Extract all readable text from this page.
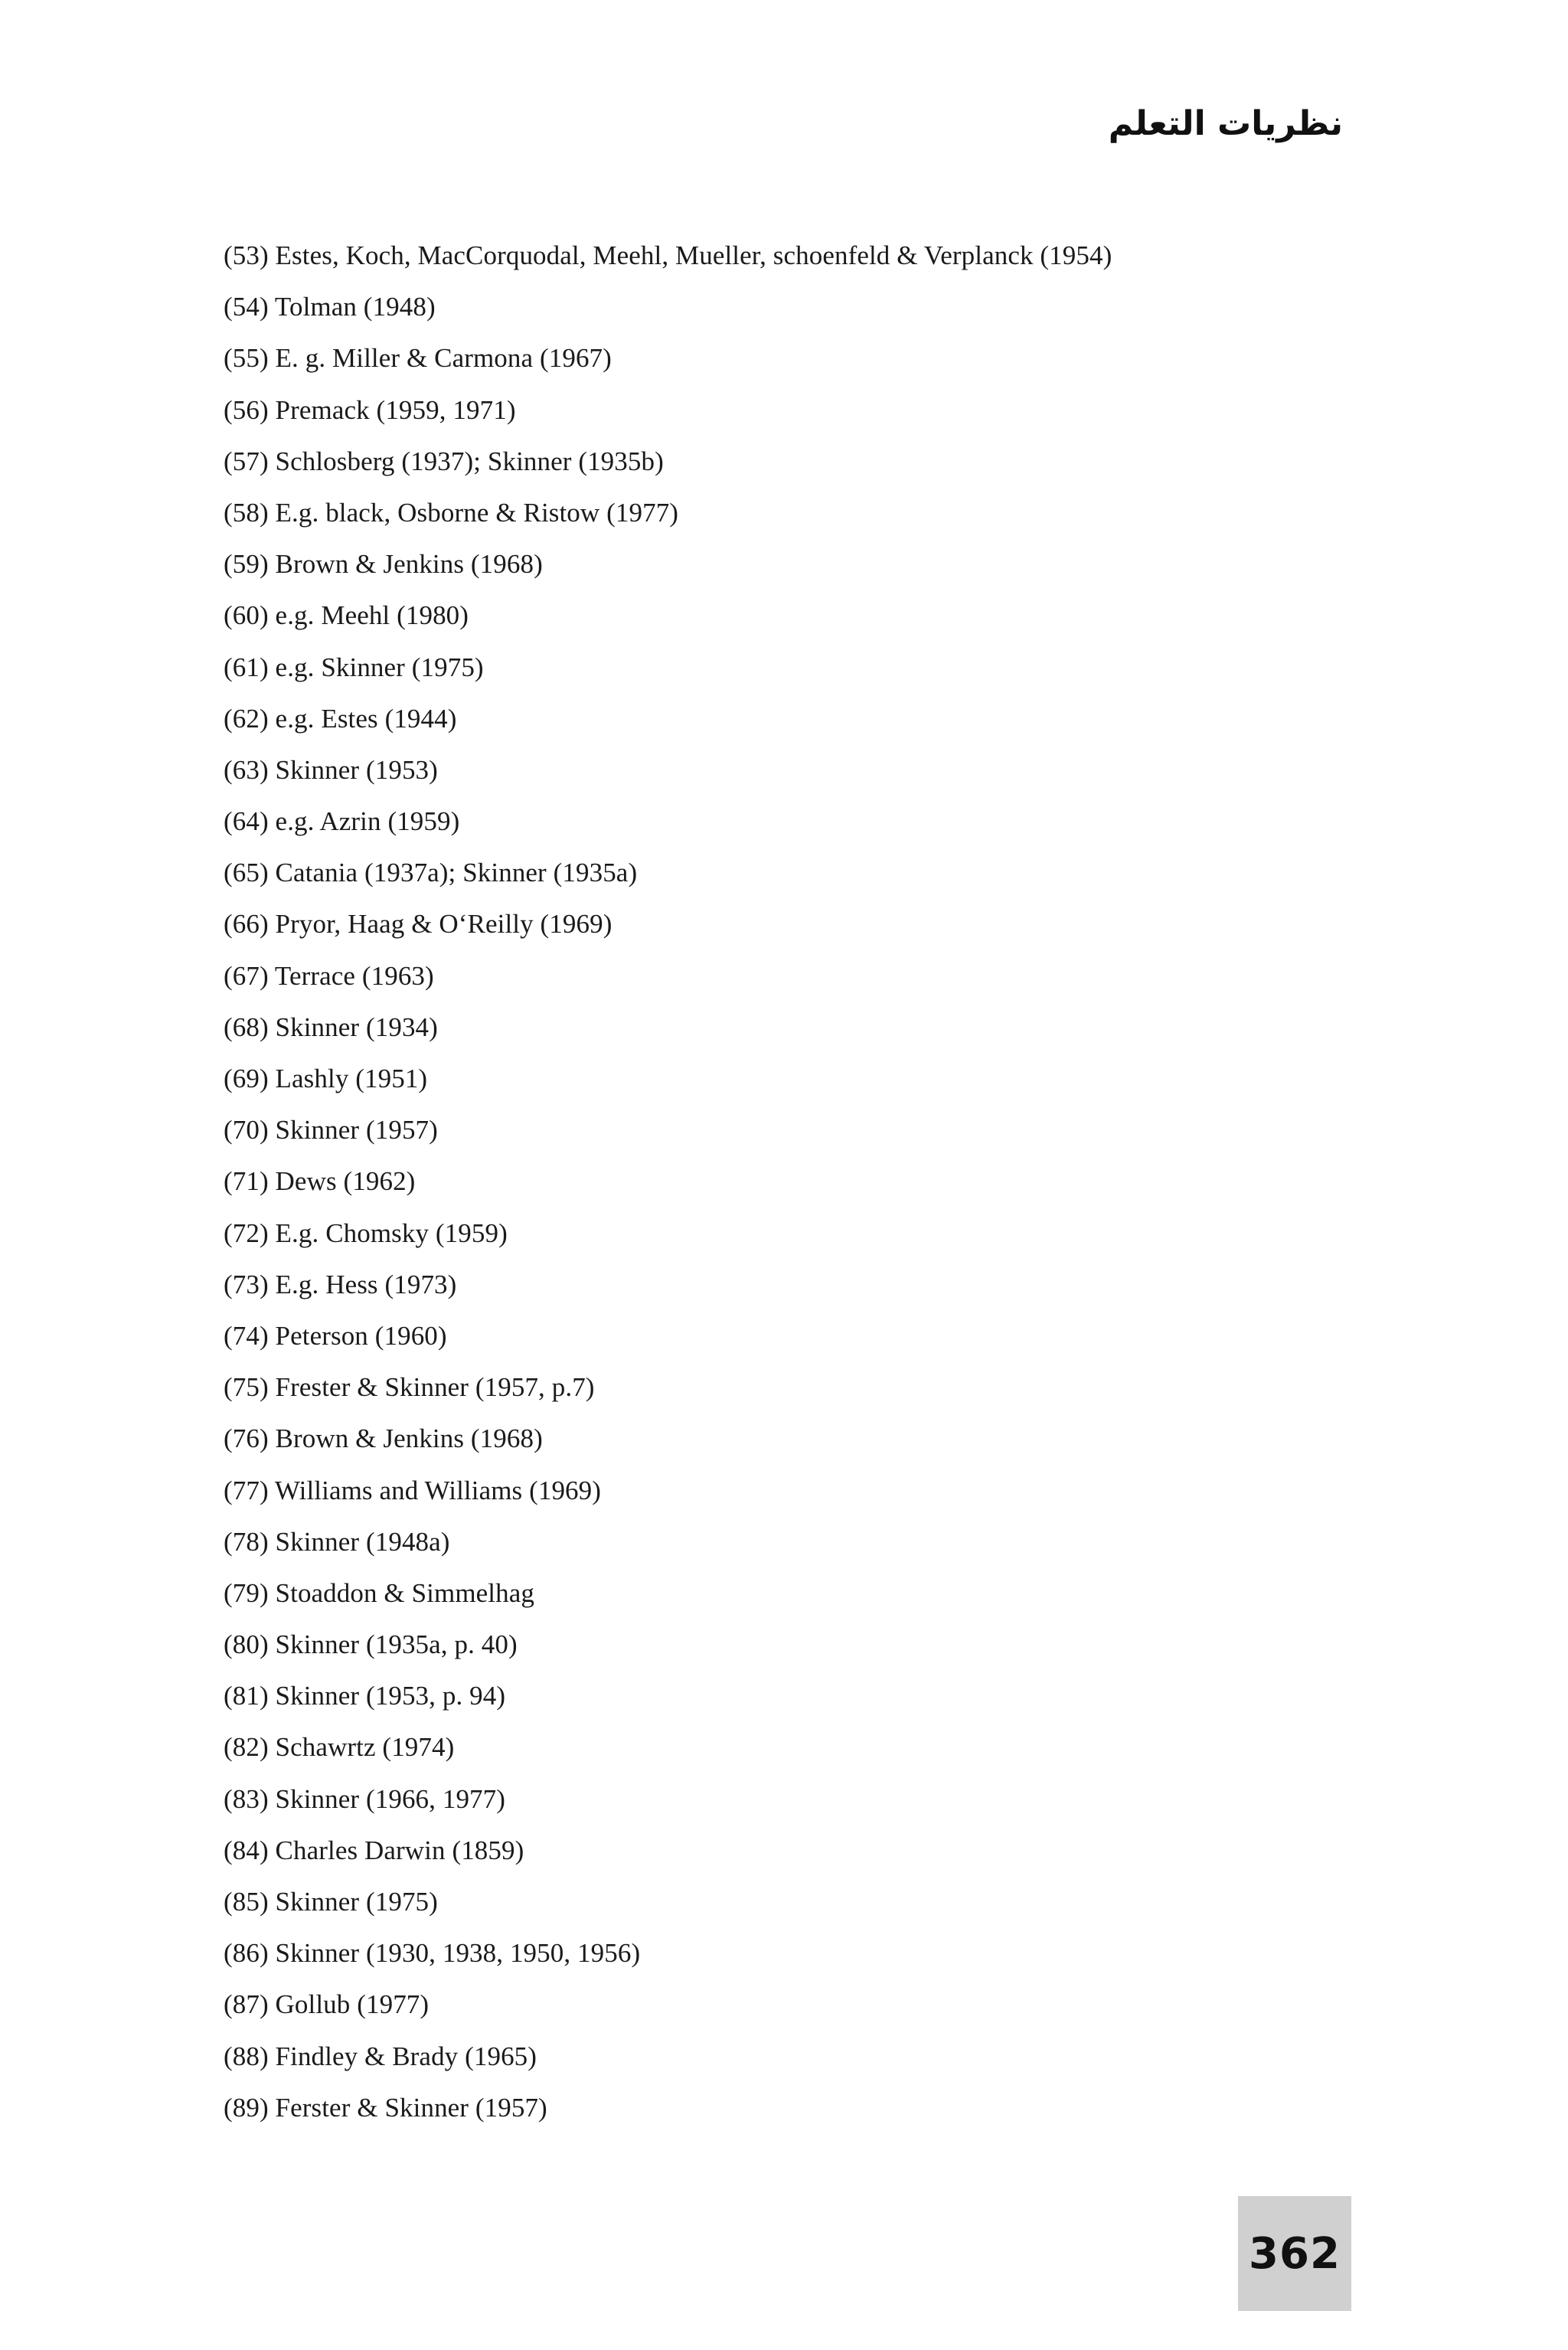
نظريات التعلم
(53) Estes, Koch, MacCorquodal, Meehl, Mueller, schoenfeld & Verplanck (1954)
(54) Tolman (1948)
(55) E. g. Miller & Carmona (1967)
(56) Premack (1959, 1971)
(57) Schlosberg (1937); Skinner (1935b)
(58) E.g. black, Osborne & Ristow (1977)
(59) Brown & Jenkins (1968)
(60) e.g. Meehl (1980)
(61) e.g. Skinner (1975)
(62) e.g. Estes (1944)
(63) Skinner (1953)
(64) e.g. Azrin (1959)
(65) Catania (1937a); Skinner (1935a)
(66) Pryor, Haag & O‘Reilly (1969)
(67) Terrace (1963)
(68) Skinner (1934)
(69) Lashly (1951)
(70) Skinner (1957)
(71) Dews (1962)
(72) E.g. Chomsky (1959)
(73) E.g. Hess (1973)
(74) Peterson (1960)
(75) Frester & Skinner (1957, p.7)
(76) Brown & Jenkins (1968)
(77) Williams and Williams (1969)
(78) Skinner (1948a)
(79) Stoaddon & Simmelhag
(80) Skinner (1935a, p. 40)
(81) Skinner (1953, p. 94)
(82) Schawrtz (1974)
(83) Skinner (1966, 1977)
(84) Charles Darwin (1859)
(85) Skinner (1975)
(86) Skinner (1930, 1938, 1950, 1956)
(87) Gollub (1977)
(88) Findley & Brady (1965)
(89) Ferster & Skinner (1957)
362
